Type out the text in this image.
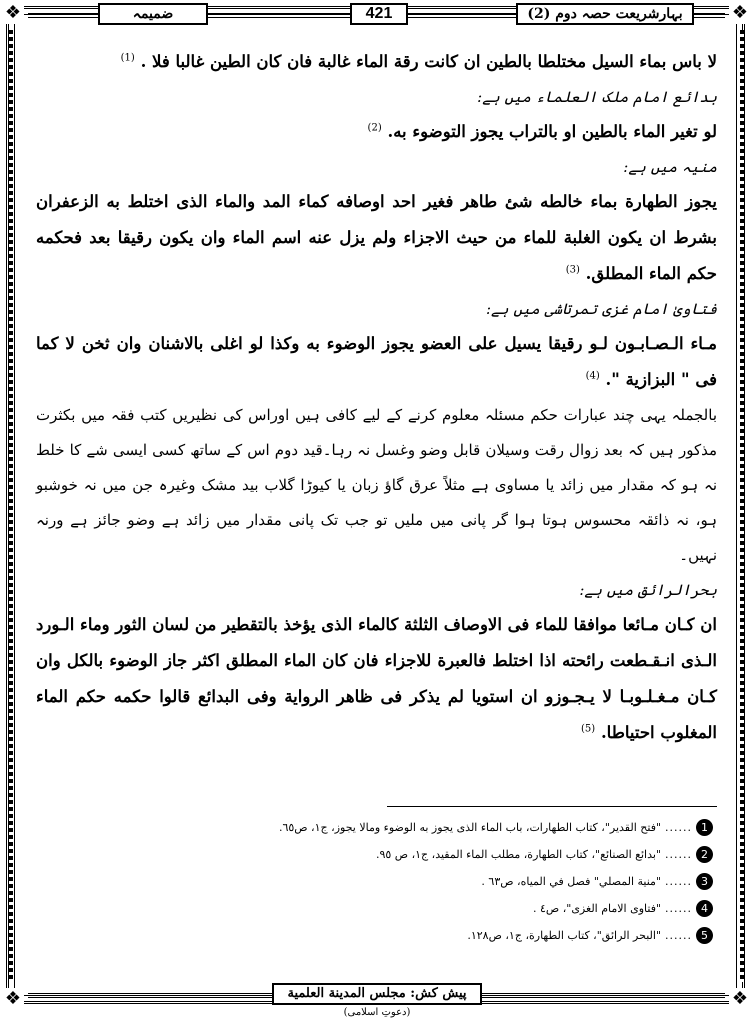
❖	❖
❖	❖
ضمیمہ	421	بہارشریعت حصہ دوم (2)

لا باس بماء السيل مختلطا بالطين ان كانت رقة الماء غالبة فان كان الطين غالبا فلا . $^{(1)}$

بدائع امام ملک العلماء میں ہے:

لو تغير الماء بالطين او بالتراب يجوز التوضوء به. $^{(2)}$

منیہ میں ہے:

يجوز الطهارة بماء خالطه شئ طاهر فغير احد اوصافه كماء المد والماء الذى اختلط به الزعفران بشرط ان يكون الغلبة للماء من حيث الاجزاء ولم يزل عنه اسم الماء وان يكون رقيقا بعد فحكمه حكم الماء المطلق. $^{(3)}$

فتاویٰ امام غزی تمرتاشی میں ہے:

مـاء الـصـابـون لـو رقيقا يسيل على العضو يجوز الوضوء به وكذا لو اغلى بالاشنان وان ثخن لا كما فى " البزازية ". $^{(4)}$

بالجملہ یہی چند عبارات حکم مسئلہ معلوم کرنے کے لیے کافی ہیں اوراس کی نظیریں کتب فقہ میں بکثرت مذکور ہیں کہ بعد زوال رقت وسیلان قابل وضو وغسل نہ رہا۔قید دوم اس کے ساتھ کسی ایسی شے کا خلط نہ ہو کہ مقدار میں زائد یا مساوی ہے مثلاً عرق گاؤ زبان یا کیوڑا گلاب بید مشک وغیرہ جن میں نہ خوشبو ہو، نہ ذائقہ محسوس ہوتا ہوا گر پانی میں ملیں تو جب تک پانی مقدار میں زائد ہے وضو جائز ہے ورنہ نہیں۔

بحرالرائق میں ہے:

ان كـان مـائعا موافقا للماء فى الاوصاف الثلثة كالماء الذى يؤخذ بالتقطير من لسان الثور وماء الـورد الـذى انـقـطعت رائحته اذا اختلط فالعبرة للاجزاء فان كان الماء المطلق اكثر جاز الوضوء بالكل وان كـان مـغـلـوبـا لا يـجـوزو ان استويا لم يذكر فى ظاهر الرواية وفى البدائع قالوا حكمه حكم الماء المغلوب احتياطا. $^{(5)}$

1
......
"فتح القدير"، كتاب الطهارات، باب الماء الذى يجوز به الوضوء ومالا يجوز، ج١، ص٦٥.
2
......
"بدائع الصنائع"، كتاب الطهارة، مطلب الماء المقيد، ج١، ص ٩٥.
3
......
"منية المصلي" فصل في المياه، ص٦٣ .
4
......
"فتاوى الامام الغزى"، ص٤ .
5
......
"البحر الرائق"، كتاب الطهارة، ج١، ص١٢٨.
پیش کش: مجلس المدينة العلمية (دعوتِ اسلامی)
